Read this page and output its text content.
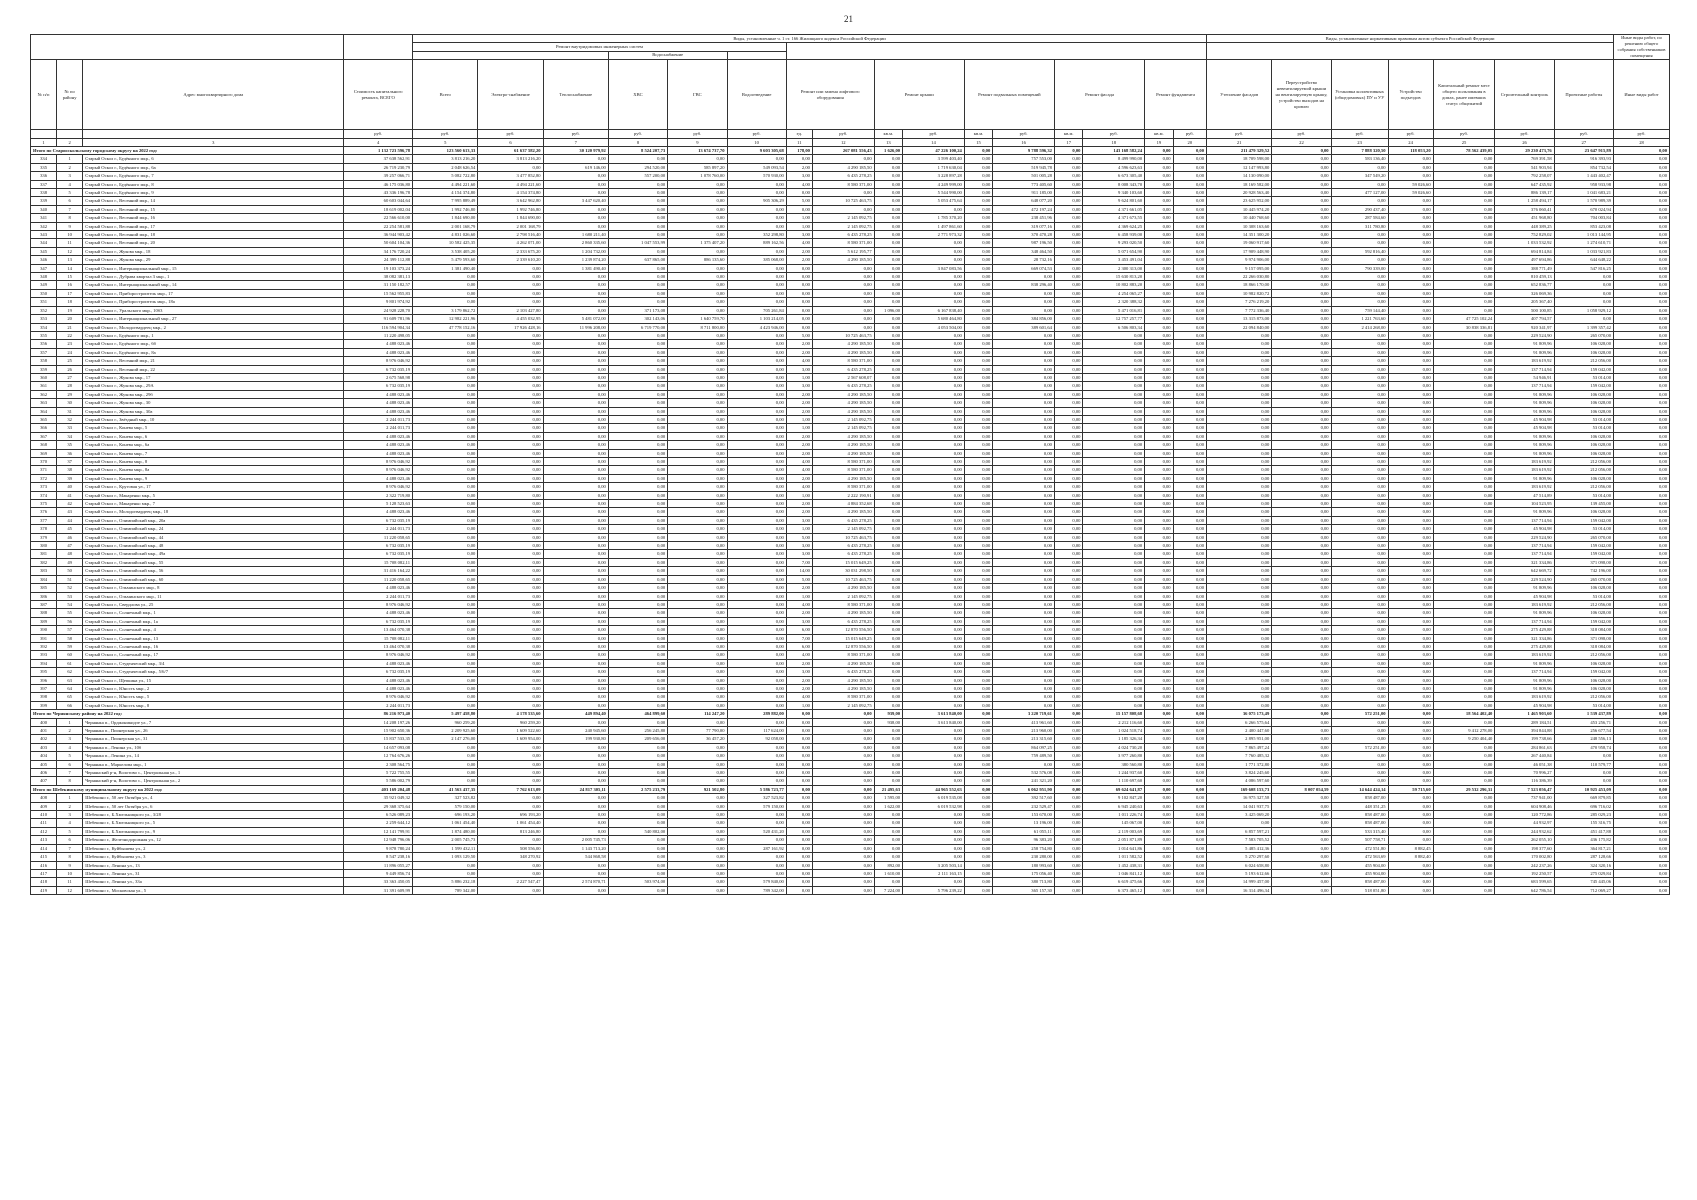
21
				Виды, установленные ч. 1 ст. 166 Жилищного кодекса Российской Федерации																Виды, установленные нормативным правовым актом субъекта Российской Федерации							Иные виды работ, по решению общего собрания собственников помещения
				Ремонт внутридомовых инженерных систем																							
							Водоснабжение																				
№ п/п	№ по району	Адрес многоквартирного дома	Стоимость капитального ремонта, ВСЕГО	Всего	Электро-снабжение	Теплоснабжение	ХВС	ГВС	Водоотведение	Ремонт или замена лифтового оборудования		Ремонт крыши		Ремонт подвальных помещений		Ремонт фасада		Ремонт фундамента		Утепление фасадов	Переустройство невентилируемой крыши на вентилируемую крышу, устройство выходов на кровлю	Установка коллективных (общедомовых) ПУ и УУ	Устройство подъездов	Капитальный ремонт мест общего пользования в домах, ранее имевших статус общежитий	Строительный контроль	Проектные работы	Иные виды работ
			руб.	руб.	руб.	руб.	руб.	руб.	руб.	ед.	руб.	кв.м.	руб.	кв.м.	руб.	кв.м.	руб.	кв.м.	руб.	руб.	руб.	руб.	руб.	руб.	руб.	руб.	руб.
1	2	3	4	5	6	7	8	9	10	11	12	13	14	15	16	17	18	19	20	21	22	23	24	25	26	27	28
Итого по Старооскольскому городскому округу на 2022 год:			1 132 723 596,78	123 560 613,33	61 637 582,20	30 120 979,92	8 524 207,73	13 674 737,70	9 603 305,68	178,00	267 081 556,43	1 626,00	47 226 100,24	0,00	9 788 596,32	0,00	143 168 582,24	0,00	0,00	211 479 329,52	0,00	7 888 320,50	118 053,20	78 562 439,05	29 230 473,76	23 647 915,89	0,00
334	1	Старый Оскол г., Будённого мкр., 6	37 638 562,91	3 813 216,20	3 813 216,20	0,00	0,00	0,00	0,00	0,00	0,00	0,00	3 599 403,40	0,00	757 553,00	0,00	8 499 990,00	0,00	0,00	18 709 598,00	0,00	583 136,40	0,00	0,00	769 391,58	916 393,93	0,00
335	2	Старый Оскол г., Будённого мкр., 6а	26 719 230,79	2 048 626,54	0,00	619 146,00	294 520,00	585 897,20	549 093,54	2,00	4 290 185,50	0,00	1 719 630,04	0,00	519 945,78	0,00	4 596 623,63	0,00	0,00	12 147 993,80	0,00	0,00	0,00	0,00	541 903,94	854 732,54	0,00
336	3	Старый Оскол г., Будённого мкр., 7	39 257 066,71	5 082 722,80	3 477 852,80	0,00	557 200,00	1 078 760,00	570 930,00	3,00	6 435 278,25	0,00	3 228 897,28	0,00	501 005,28	0,00	6 673 305,40	0,00	0,00	14 130 090,00	0,00	347 549,20	0,00	0,00	792 258,07	1 443 402,47	0,00
337	4	Старый Оскол г., Будённого мкр., 8	46 175 036,80	4 494 221,60	4 494 221,60	0,00	0,00	0,00	0,00	4,00	8 580 371,00	0,00	4 249 999,00	0,00	773 405,60	0,00	8 008 343,70	0,00	0,00	18 169 582,00	0,00	0,00	59 026,60	0,00	647 435,92	958 933,98	0,00
338	5	Старый Оскол г., Будённого мкр., 9	43 336 196,78	4 154 374,80	4 154 374,80	0,00	0,00	0,00	0,00	0,00	0,00	0,00	5 544 990,00	0,00	911 185,00	0,00	9 340 103,60	0,00	0,00	20 928 563,40	0,00	477 127,00	59 026,60	0,00	886 139,17	1 041 683,21	0,00
339	6	Старый Оскол г., Весенний мкр., 14	60 603 044,64	7 995 889,49	3 642 962,80	3 447 620,40	0,00	0,00	905 306,29	5,00	10 725 463,75	0,00	5 053 475,64	0,00	648 077,20	0,00	9 624 801,60	0,00	0,00	23 625 952,00	0,00	0,00	0,00	0,00	1 258 494,17	1 570 989,39	0,00
340	7	Старый Оскол г., Весенний мкр., 15	18 619 002,04	1 992 746,80	1 992 746,80	0,00	0,00	0,00	0,00	0,00	0,00	0,00	0,00	0,00	472 197,24	0,00	4 371 661,05	0,00	0,00	10 445 974,20	0,00	290 437,40	0,00	0,00	376 060,41	670 024,94	0,00
341	8	Старый Оскол г., Весенний мкр., 16	22 566 610,00	1 844 690,00	1 844 690,00	0,00	0,00	0,00	0,00	1,00	2 145 092,75	0,00	1 785 370,20	0,00	238 451,96	0,00	4 371 673,55	0,00	0,00	10 440 768,60	0,00	287 584,60	0,00	0,00	451 968,80	704 003,84	0,00
342	9	Старый Оскол г., Весенний мкр., 17	22 254 581,88	2 001 168,79	2 001 168,79	0,00	0,00	0,00	0,00	1,00	2 145 092,75	0,00	1 497 861,60	0,00	319 077,16	0,00	4 369 624,25	0,00	0,00	10 308 163,60	0,00	311 780,80	0,00	0,00	448 389,25	853 423,08	0,00
343	10	Старый Оскол г., Весенний мкр., 18	36 944 903,42	4 831 026,60	2 798 516,40	1 680 211,40	0,00	0,00	352 298,80	3,00	6 435 278,25	0,00	2 771 973,32	0,00	370 470,28	0,00	6 458 939,00	0,00	0,00	14 351 300,20	0,00	0,00	0,00	0,00	752 829,02	1 013 144,95	0,00
344	11	Старый Оскол г., Весенний мкр., 20	50 604 104,36	10 582 425,35	4 262 071,00	2 860 335,60	1 047 553,99	1 375 407,20	889 162,56	4,00	8 580 371,00	0,00	0,00	0,00	987 196,50	0,00	9 293 020,50	0,00	0,00	19 060 917,60	0,00	0,00	0,00	0,00	1 033 532,92	1 274 610,71	0,00
345	12	Старый Оскол г., Жукова мкр., 18	34 176 720,24	3 538 405,20	2 333 675,20	1 204 732,00	0,00	0,00	0,00	2,00	5 612 195,77	0,00	0,00	0,00	348 464,50	0,00	5 071 654,90	0,00	0,00	17 909 448,90	0,00	592 816,40	0,00	0,00	694 814,84	1 033 921,83	0,00
346	13	Старый Оскол г., Жукова мкр., 29	24 399 112,88	5 479 593,60	2 339 610,20	1 239 874,20	637 865,00	886 135,60	385 068,00	2,00	4 290 185,50	0,00	0,00	0,00	28 732,16	0,00	3 453 491,04	0,00	0,00	9 974 906,00	0,00	0,00	0,00	0,00	497 694,86	644 648,22	0,00
347	14	Старый Оскол г., Интернациональный мкр., 15	19 103 373,24	1 381 490,40	0,00	1 381 490,40	0,00	0,00	0,00	0,00	0,00	0,00	3 847 083,56	0,00	669 074,53	0,00	2 300 313,00	0,00	0,00	9 157 095,00	0,00	790 339,00	0,00	0,00	388 771,49	547 816,25	0,00
348	15	Старый Оскол г., Дубрава квартал 3 мкр., 1	38 082 381,13	0,00	0,00	0,00	0,00	0,00	0,00	0,00	0,00	0,00	0,00	0,00	0,00	0,00	15 630 813,20	0,00	0,00	22 266 030,80	0,00	0,00	0,00	0,00	810 459,13	0,00	0,00
349	16	Старый Оскол г., Интернациональный мкр., 14	31 150 182,57	0,00	0,00	0,00	0,00	0,00	0,00	0,00	0,00	0,00	0,00	0,00	838 296,40	0,00	10 802 883,20	0,00	0,00	18 866 170,00	0,00	0,00	0,00	0,00	652 836,77	0,00	0,00
350	17	Старый Оскол г., Приборостроитель мкр., 17	15 562 955,83	0,00	0,00	0,00	0,00	0,00	0,00	0,00	0,00	0,00	0,00	0,00	0,00	0,00	4 254 065,27	0,00	0,00	10 982 820,72	0,00	0,00	0,00	0,00	326 069,36	0,00	0,00
351	18	Старый Оскол г., Приборостроитель мкр., 18а	9 801 974,92	0,00	0,00	0,00	0,00	0,00	0,00	0,00	0,00	0,00	0,00	0,00	0,00	0,00	2 320 388,32	0,00	0,00	7 276 219,20	0,00	0,00	0,00	0,00	205 367,40	0,00	0,00
352	19	Старый Оскол г., Уральского мкр., 10б3	24 928 228,70	3 179 862,72	2 103 427,80	0,00	371 173,08	0,00	705 261,84	0,00	0,00	1 096,00	6 167 838,40	0,00	0,00	0,00	5 471 016,81	0,00	0,00	7 772 336,40	0,00	759 144,40	0,00	0,00	500 100,85	1 058 929,12	0,00
353	20	Старый Оскол г., Интернациональный мкр., 27	91 609 781,96	12 982 221,96	4 455 032,95	5 481 072,00	302 143,06	1 640 759,70	1 103 214,05	0,00	0,00	0,00	5 680 464,80	0,00	384 856,00	0,00	12 757 257,77	0,00	0,00	13 315 873,00	0,00	1 221 763,60	0,00	47 725 102,24	407 794,57	0,00	0,00
354	21	Старый Оскол г., Молодогвардеец мкр., 2	116 594 904,34	47 778 152,16	17 926 428,16	11 996 208,00	6 719 770,00	8 711 800,00	4 423 946,00	0,00	0,00	0,00	4 053 504,00	0,00	389 601,64	0,00	6 506 803,34	0,00	0,00	22 094 840,00	0,00	2 414 268,00	0,00	30 838 336,81	920 341,97	1 399 357,42	0,00
355	22	Старый Оскол г., Будённого мкр., 1	11 220 498,05	0,00	0,00	0,00	0,00	0,00	0,00	5,00	10 725 463,75	0,00	0,00	0,00	0,00	0,00	0,00	0,00	0,00	0,00	0,00	0,00	0,00	0,00	229 524,90	265 070,00	0,00
356	23	Старый Оскол г., Будённого мкр., 6б	4 488 023,46	0,00	0,00	0,00	0,00	0,00	0,00	2,00	4 290 185,50	0,00	0,00	0,00	0,00	0,00	0,00	0,00	0,00	0,00	0,00	0,00	0,00	0,00	91 809,96	106 028,00	0,00
357	24	Старый Оскол г., Будённого мкр., 8а	4 488 023,46	0,00	0,00	0,00	0,00	0,00	0,00	2,00	4 290 185,50	0,00	0,00	0,00	0,00	0,00	0,00	0,00	0,00	0,00	0,00	0,00	0,00	0,00	91 809,96	106 028,00	0,00
358	25	Старый Оскол г., Весенний мкр., 21	8 976 046,92	0,00	0,00	0,00	0,00	0,00	0,00	4,00	8 580 371,00	0,00	0,00	0,00	0,00	0,00	0,00	0,00	0,00	0,00	0,00	0,00	0,00	0,00	183 619,92	212 056,00	0,00
359	26	Старый Оскол г., Весенний мкр., 22	6 732 035,19	0,00	0,00	0,00	0,00	0,00	0,00	3,00	6 435 278,25	0,00	0,00	0,00	0,00	0,00	0,00	0,00	0,00	0,00	0,00	0,00	0,00	0,00	137 714,94	159 042,00	0,00
360	27	Старый Оскол г., Жукова мкр., 17	2 675 568,98	0,00	0,00	0,00	0,00	0,00	0,00	1,00	2 567 608,07	0,00	0,00	0,00	0,00	0,00	0,00	0,00	0,00	0,00	0,00	0,00	0,00	0,00	54 946,91	53 014,00	0,00
361	28	Старый Оскол г., Жукова мкр., 29А	6 732 035,19	0,00	0,00	0,00	0,00	0,00	0,00	3,00	6 435 278,25	0,00	0,00	0,00	0,00	0,00	0,00	0,00	0,00	0,00	0,00	0,00	0,00	0,00	137 714,94	159 042,00	0,00
362	29	Старый Оскол г., Жукова мкр., 29б	4 488 023,46	0,00	0,00	0,00	0,00	0,00	0,00	2,00	4 290 185,50	0,00	0,00	0,00	0,00	0,00	0,00	0,00	0,00	0,00	0,00	0,00	0,00	0,00	91 809,96	106 028,00	0,00
363	30	Старый Оскол г., Жукова мкр., 30	4 488 023,46	0,00	0,00	0,00	0,00	0,00	0,00	2,00	4 290 185,50	0,00	0,00	0,00	0,00	0,00	0,00	0,00	0,00	0,00	0,00	0,00	0,00	0,00	91 809,96	106 028,00	0,00
364	31	Старый Оскол г., Жукова мкр., 30а	4 488 023,46	0,00	0,00	0,00	0,00	0,00	0,00	2,00	4 290 185,50	0,00	0,00	0,00	0,00	0,00	0,00	0,00	0,00	0,00	0,00	0,00	0,00	0,00	91 809,96	106 028,00	0,00
365	32	Старый Оскол г., Звёздный мкр., 10	2 244 011,73	0,00	0,00	0,00	0,00	0,00	0,00	1,00	2 145 092,75	0,00	0,00	0,00	0,00	0,00	0,00	0,00	0,00	0,00	0,00	0,00	0,00	0,00	45 904,98	53 014,00	0,00
366	33	Старый Оскол г., Конева мкр., 5	2 244 011,73	0,00	0,00	0,00	0,00	0,00	0,00	1,00	2 145 092,75	0,00	0,00	0,00	0,00	0,00	0,00	0,00	0,00	0,00	0,00	0,00	0,00	0,00	45 904,98	53 014,00	0,00
367	34	Старый Оскол г., Конева мкр., 6	4 488 023,46	0,00	0,00	0,00	0,00	0,00	0,00	2,00	4 290 185,50	0,00	0,00	0,00	0,00	0,00	0,00	0,00	0,00	0,00	0,00	0,00	0,00	0,00	91 809,96	106 028,00	0,00
368	35	Старый Оскол г., Конева мкр., 6а	4 488 023,46	0,00	0,00	0,00	0,00	0,00	0,00	2,00	4 290 185,50	0,00	0,00	0,00	0,00	0,00	0,00	0,00	0,00	0,00	0,00	0,00	0,00	0,00	91 809,96	106 028,00	0,00
369	36	Старый Оскол г., Конева мкр., 7	4 488 023,46	0,00	0,00	0,00	0,00	0,00	0,00	2,00	4 290 185,50	0,00	0,00	0,00	0,00	0,00	0,00	0,00	0,00	0,00	0,00	0,00	0,00	0,00	91 809,96	106 028,00	0,00
370	37	Старый Оскол г., Конева мкр., 8	8 976 046,92	0,00	0,00	0,00	0,00	0,00	0,00	4,00	8 580 371,00	0,00	0,00	0,00	0,00	0,00	0,00	0,00	0,00	0,00	0,00	0,00	0,00	0,00	183 619,92	212 056,00	0,00
371	38	Старый Оскол г., Конева мкр., 8а	8 976 046,92	0,00	0,00	0,00	0,00	0,00	0,00	4,00	8 580 371,00	0,00	0,00	0,00	0,00	0,00	0,00	0,00	0,00	0,00	0,00	0,00	0,00	0,00	183 619,92	212 056,00	0,00
372	39	Старый Оскол г., Конева мкр., 9	4 488 023,46	0,00	0,00	0,00	0,00	0,00	0,00	2,00	4 290 185,50	0,00	0,00	0,00	0,00	0,00	0,00	0,00	0,00	0,00	0,00	0,00	0,00	0,00	91 809,96	106 028,00	0,00
373	40	Старый Оскол г., Круговая ул., 17	8 976 046,92	0,00	0,00	0,00	0,00	0,00	0,00	4,00	8 580 371,00	0,00	0,00	0,00	0,00	0,00	0,00	0,00	0,00	0,00	0,00	0,00	0,00	0,00	183 619,92	212 056,00	0,00
374	41	Старый Оскол г., Макаренко мкр., 5	2 322 719,80	0,00	0,00	0,00	0,00	0,00	0,00	1,00	2 222 190,91	0,00	0,00	0,00	0,00	0,00	0,00	0,00	0,00	0,00	0,00	0,00	0,00	0,00	47 514,89	53 014,00	0,00
375	42	Старый Оскол г., Макаренко мкр., 7	5 128 523,63	0,00	0,00	0,00	0,00	0,00	0,00	2,00	4 884 352,68	0,00	0,00	0,00	0,00	0,00	0,00	0,00	0,00	0,00	0,00	0,00	0,00	0,00	104 523,95	139 455,00	0,00
376	43	Старый Оскол г., Молодогвардеец мкр., 18	4 488 023,46	0,00	0,00	0,00	0,00	0,00	0,00	2,00	4 290 185,50	0,00	0,00	0,00	0,00	0,00	0,00	0,00	0,00	0,00	0,00	0,00	0,00	0,00	91 809,96	106 028,00	0,00
377	44	Старый Оскол г., Олимпийский мкр., 20а	6 732 035,19	0,00	0,00	0,00	0,00	0,00	0,00	3,00	6 435 278,25	0,00	0,00	0,00	0,00	0,00	0,00	0,00	0,00	0,00	0,00	0,00	0,00	0,00	137 714,94	159 042,00	0,00
378	45	Старый Оскол г., Олимпийский мкр., 24	2 244 011,73	0,00	0,00	0,00	0,00	0,00	0,00	1,00	2 145 092,75	0,00	0,00	0,00	0,00	0,00	0,00	0,00	0,00	0,00	0,00	0,00	0,00	0,00	45 904,98	53 014,00	0,00
379	46	Старый Оскол г., Олимпийский мкр., 44	11 220 058,65	0,00	0,00	0,00	0,00	0,00	0,00	5,00	10 725 463,75	0,00	0,00	0,00	0,00	0,00	0,00	0,00	0,00	0,00	0,00	0,00	0,00	0,00	229 524,90	265 070,00	0,00
380	47	Старый Оскол г., Олимпийский мкр., 48	6 732 035,19	0,00	0,00	0,00	0,00	0,00	0,00	3,00	6 435 278,25	0,00	0,00	0,00	0,00	0,00	0,00	0,00	0,00	0,00	0,00	0,00	0,00	0,00	137 714,94	159 042,00	0,00
381	48	Старый Оскол г., Олимпийский мкр., 49а	6 732 035,19	0,00	0,00	0,00	0,00	0,00	0,00	3,00	6 435 278,25	0,00	0,00	0,00	0,00	0,00	0,00	0,00	0,00	0,00	0,00	0,00	0,00	0,00	137 714,94	159 042,00	0,00
382	49	Старый Оскол г., Олимпийский мкр., 55	15 708 082,11	0,00	0,00	0,00	0,00	0,00	0,00	7,00	15 015 649,25	0,00	0,00	0,00	0,00	0,00	0,00	0,00	0,00	0,00	0,00	0,00	0,00	0,00	321 334,86	371 098,00	0,00
383	50	Старый Оскол г., Олимпийский мкр., 56	31 416 164,22	0,00	0,00	0,00	0,00	0,00	0,00	14,00	30 031 298,50	0,00	0,00	0,00	0,00	0,00	0,00	0,00	0,00	0,00	0,00	0,00	0,00	0,00	642 669,72	742 196,00	0,00
384	51	Старый Оскол г., Олимпийский мкр., 60	11 220 058,65	0,00	0,00	0,00	0,00	0,00	0,00	5,00	10 725 463,75	0,00	0,00	0,00	0,00	0,00	0,00	0,00	0,00	0,00	0,00	0,00	0,00	0,00	229 524,90	265 070,00	0,00
385	52	Старый Оскол г., Ольминского мкр., 8	4 488 023,46	0,00	0,00	0,00	0,00	0,00	0,00	2,00	4 290 185,50	0,00	0,00	0,00	0,00	0,00	0,00	0,00	0,00	0,00	0,00	0,00	0,00	0,00	91 809,96	106 028,00	0,00
386	53	Старый Оскол г., Ольминского мкр., 11	2 244 011,73	0,00	0,00	0,00	0,00	0,00	0,00	1,00	2 145 092,75	0,00	0,00	0,00	0,00	0,00	0,00	0,00	0,00	0,00	0,00	0,00	0,00	0,00	45 904,98	53 014,00	0,00
387	54	Старый Оскол г., Свердлова ул., 25	8 976 046,92	0,00	0,00	0,00	0,00	0,00	0,00	4,00	8 580 371,00	0,00	0,00	0,00	0,00	0,00	0,00	0,00	0,00	0,00	0,00	0,00	0,00	0,00	183 619,92	212 056,00	0,00
388	55	Старый Оскол г., Солнечный мкр., 1	4 488 023,46	0,00	0,00	0,00	0,00	0,00	0,00	2,00	4 290 185,50	0,00	0,00	0,00	0,00	0,00	0,00	0,00	0,00	0,00	0,00	0,00	0,00	0,00	91 809,96	106 028,00	0,00
389	56	Старый Оскол г., Солнечный мкр., 1а	6 732 035,19	0,00	0,00	0,00	0,00	0,00	0,00	3,00	6 435 278,25	0,00	0,00	0,00	0,00	0,00	0,00	0,00	0,00	0,00	0,00	0,00	0,00	0,00	137 714,94	159 042,00	0,00
390	57	Старый Оскол г., Солнечный мкр., 4	13 464 070,38	0,00	0,00	0,00	0,00	0,00	0,00	6,00	12 870 556,50	0,00	0,00	0,00	0,00	0,00	0,00	0,00	0,00	0,00	0,00	0,00	0,00	0,00	275 429,88	318 084,00	0,00
391	58	Старый Оскол г., Солнечный мкр., 13	15 708 082,11	0,00	0,00	0,00	0,00	0,00	0,00	7,00	15 015 649,25	0,00	0,00	0,00	0,00	0,00	0,00	0,00	0,00	0,00	0,00	0,00	0,00	0,00	321 334,86	371 098,00	0,00
392	59	Старый Оскол г., Солнечный мкр., 16	13 464 070,38	0,00	0,00	0,00	0,00	0,00	0,00	6,00	12 870 556,50	0,00	0,00	0,00	0,00	0,00	0,00	0,00	0,00	0,00	0,00	0,00	0,00	0,00	275 429,88	318 084,00	0,00
393	60	Старый Оскол г., Солнечный мкр., 17	8 976 046,92	0,00	0,00	0,00	0,00	0,00	0,00	4,00	8 580 371,00	0,00	0,00	0,00	0,00	0,00	0,00	0,00	0,00	0,00	0,00	0,00	0,00	0,00	183 619,92	212 056,00	0,00
394	61	Старый Оскол г., Студенческий мкр., 3/4	4 488 023,46	0,00	0,00	0,00	0,00	0,00	0,00	2,00	4 290 185,50	0,00	0,00	0,00	0,00	0,00	0,00	0,00	0,00	0,00	0,00	0,00	0,00	0,00	91 809,96	106 028,00	0,00
395	62	Старый Оскол г., Студенческий мкр., 5/6/7	6 732 035,19	0,00	0,00	0,00	0,00	0,00	0,00	3,00	6 435 278,25	0,00	0,00	0,00	0,00	0,00	0,00	0,00	0,00	0,00	0,00	0,00	0,00	0,00	137 714,94	159 042,00	0,00
396	63	Старый Оскол г., Щепкина ул., 15	4 488 023,46	0,00	0,00	0,00	0,00	0,00	0,00	2,00	4 290 185,50	0,00	0,00	0,00	0,00	0,00	0,00	0,00	0,00	0,00	0,00	0,00	0,00	0,00	91 809,96	106 028,00	0,00
397	64	Старый Оскол г., Юность мкр., 2	4 488 023,46	0,00	0,00	0,00	0,00	0,00	0,00	2,00	4 290 185,50	0,00	0,00	0,00	0,00	0,00	0,00	0,00	0,00	0,00	0,00	0,00	0,00	0,00	91 809,96	106 028,00	0,00
398	65	Старый Оскол г., Юность мкр., 5	8 976 046,92	0,00	0,00	0,00	0,00	0,00	0,00	4,00	8 580 371,00	0,00	0,00	0,00	0,00	0,00	0,00	0,00	0,00	0,00	0,00	0,00	0,00	0,00	183 619,92	212 056,00	0,00
399	66	Старый Оскол г., Юность мкр., 8	2 244 011,73	0,00	0,00	0,00	0,00	0,00	0,00	1,00	2 145 092,75	0,00	0,00	0,00	0,00	0,00	0,00	0,00	0,00	0,00	0,00	0,00	0,00	0,00	45 904,98	53 014,00	0,00
Итого по Чернянскому району на 2022 год:			86 216 973,40	5 497 458,80	4 178 535,60	449 894,40	464 899,60	114 247,20	289 882,00	0,00	0,00	939,00	3 613 840,00	0,00	3 220 719,61	0,00	15 157 808,68	0,00	0,00	36 075 173,49	0,00	572 251,00	0,00	18 564 402,40	1 465 903,60	1 539 437,89	0,00
400	1	Чернянка п., Орджоникидзе ул., 7	14 208 197,26	960 259,20	960 259,20	0,00	0,00	0,00	0,00	0,00	0,00	938,00	3 613 840,00	0,00	413 961,60	0,00	2 212 116,60	0,00	0,00	6 266 575,64	0,00	0,00	0,00	0,00	289 184,51	453 256,71	0,00
401	2	Чернянка п., Пионерская ул., 26	15 902 650,36	2 209 925,60	1 609 522,60	240 945,60	256 245,80	77 790,00	117 624,00	0,00	0,00	0,00	0,00	0,00	213 960,00	0,00	1 024 518,74	0,00	0,00	2 400 447,60	0,00	0,00	0,00	9 412 278,00	394 844,88	256 677,54	0,00
402	3	Чернянка п., Пионерская ул., 31	15 837 533,35	2 147 276,00	1 609 954,00	199 930,80	209 656,00	36 457,20	92 058,00	0,00	0,00	0,00	0,00	0,00	213 315,60	0,00	1 185 326,34	0,00	0,00	2 895 951,00	0,00	0,00	0,00	9 250 404,40	199 738,66	248 556,13	0,00
403	4	Чернянка п., Ленина ул., 10б	14 657 093,08	0,00	0,00	0,00	0,00	0,00	0,00	0,00	0,00	0,00	0,00	0,00	864 097,25	0,00	4 024 730,20	0,00	0,00	7 865 497,24	0,00	572 251,00	0,00	0,00	284 861,63	470 958,74	0,00
404	5	Чернянка п., Ленина ул., 14	12 764 676,26	0,00	0,00	0,00	0,00	0,00	0,00	0,00	0,00	0,00	0,00	0,00	759 489,50	0,00	3 977 260,80	0,00	0,00	7 760 485,32	0,00	0,00	0,00	0,00	267 440,84	0,00	0,00
405	6	Чернянка п., Маркелова мкр., 1	2 308 564,75	0,00	0,00	0,00	0,00	0,00	0,00	0,00	0,00	0,00	0,00	0,00	0,00	0,00	380 560,80	0,00	0,00	1 771 372,80	0,00	0,00	0,00	0,00	46 051,38	110 579,77	0,00
406	7	Чернянский р-н, Волотово с., Центральная ул., 1	5 722 755,55	0,00	0,00	0,00	0,00	0,00	0,00	0,00	0,00	0,00	0,00	0,00	532 576,08	0,00	1 244 937,60	0,00	0,00	3 824 245,60	0,00	0,00	0,00	0,00	70 996,27	0,00	0,00
407	8	Чернянский р-н, Волотово с., Центральная ул., 2	5 586 002,79	0,00	0,00	0,00	0,00	0,00	0,00	0,00	0,00	0,00	0,00	0,00	241 321,20	0,00	1 110 697,60	0,00	0,00	4 086 597,60	0,00	0,00	0,00	0,00	116 386,39	0,00	0,00
Итого по Шебекинскому муниципальному округу на 2022 год:			403 169 204,48	41 563 437,35	7 762 613,09	24 817 305,11	2 575 233,79	921 502,80	5 586 723,77	0,00	0,00	21 495,63	44 965 552,63	0,00	6 062 951,90	0,00	69 624 641,87	0,00	0,00	169 608 153,73	8 007 054,59	14 644 424,14	59 715,60	29 532 296,31	7 523 056,47	10 925 453,09	0,00
408	1	Шебекино г., 50 лет Октября ул., 4	35 921 049,32	327 523,82	0,00	0,00	0,00	0,00	327 523,82	0,00	0,00	1 595,00	6 019 535,08	0,00	392 517,60	0,00	9 102 847,20	0,00	0,00	16 975 327,58	0,00	858 487,00	0,00	0,00	737 941,00	669 879,85	0,00
409	2	Шебекино г., 50 лет Октября ул., 6	29 368 375,64	579 150,00	0,00	0,00	0,00	0,00	579 150,00	0,00	0,00	1 622,00	6 019 532,98	0,00	232 529,47	0,00	6 945 240,63	0,00	0,00	14 041 937,75	0,00	448 351,25	0,00	0,00	604 908,46	696 716,02	0,00
410	3	Шебекино г., Б.Хмельницкого ул., 3/28	6 526 089,23	696 193,20	696 193,20	0,00	0,00	0,00	0,00	0,00	0,00	0,00	0,00	0,00	153 670,00	0,00	1 011 226,74	0,00	0,00	3 425 069,20	0,00	858 487,00	0,00	0,00	120 772,86	285 029,23	0,00
411	4	Шебекино г., Б.Хмельницкого ул., 5	2 259 644,12	1 061 454,40	1 061 454,40	0,00	0,00	0,00	0,00	0,00	0,00	0,00	0,00	0,00	13 196,00	0,00	145 067,00	0,00	0,00	0,00	0,00	858 487,00	0,00	0,00	44 932,97	155 316,75	0,00
412	5	Шебекино г., Б.Хмельницкого ул., 9	12 141 799,91	1 874 480,00	813 246,80	0,00	540 802,00	0,00	520 431,20	0,00	0,00	0,00	0,00	0,00	61 055,11	0,00	2 119 003,69	0,00	0,00	6 857 597,21	0,00	533 315,40	0,00	0,00	244 932,62	451 417,88	0,00
413	6	Шебекино г., Железнодорожная ул., 12	12 948 796,06	2 005 745,73	0,00	2 005 745,73	0,00	0,00	0,00	0,00	0,00	0,00	0,00	0,00	96 383,20	0,00	2 051 871,89	0,00	0,00	7 583 705,52	0,00	507 758,71	0,00	0,00	262 055,10	436 175,82	0,00
414	7	Шебекино г., Куйбышева ул., 2	9 878 780,24	1 599 432,11	508 556,00	1 143 713,20	0,00	0,00	287 161,92	0,00	0,00	0,00	0,00	0,00	258 754,80	0,00	1 014 641,86	0,00	0,00	5 485 412,36	0,00	472 551,80	8 882,45	0,00	198 377,60	364 817,21	0,00
415	8	Шебекино г., Куйбышева ул., 3	8 547 238,16	1 093 129,50	348 270,92	544 868,58	0,00	0,00	0,00	0,00	0,00	0,00	0,00	0,00	230 280,00	0,00	1 011 582,52	0,00	0,00	5 270 297,60	0,00	472 563,69	8 882,40	0,00	170 002,80	287 128,66	0,00
416	9	Шебекино г., Ленина ул., 13	11 896 055,27	0,00	0,00	0,00	0,00	0,00	0,00	0,00	0,00	892,00	3 205 503,14	0,00	180 993,60	0,00	1 452 438,31	0,00	0,00	6 024 658,80	0,00	455 904,00	0,00	0,00	242 237,26	324 320,16	0,00
417	10	Шебекино г., Ленина ул., 31	9 449 856,74	0,00	0,00	0,00	0,00	0,00	0,00	0,00	0,00	1 610,00	2 111 163,15	0,00	175 056,40	0,00	1 046 841,12	0,00	0,00	5 193 612,66	0,00	455 904,00	0,00	0,00	192 250,57	275 029,84	0,00
418	11	Шебекино г., Ленина ул., 33а	33 363 450,05	5 886 232,18	2 227 547,47	2 574 870,71	503 974,00	0,00	579 840,00	0,00	0,00	0,00	0,00	0,00	380 713,80	0,00	6 619 475,66	0,00	0,00	14 999 457,00	0,00	858 487,00	0,00	0,00	683 599,65	745 445,06	0,00
419	12	Шебекино г., Московская ул., 5	31 391 609,99	789 342,00	0,00	0,00	0,00	0,00	789 342,00	0,00	0,00	7 224,00	5 796 239,22	0,00	365 157,30	0,00	6 373 465,12	0,00	0,00	16 314 496,34	0,00	518 051,80	0,00	0,00	642 786,54	712 069,27	0,00
